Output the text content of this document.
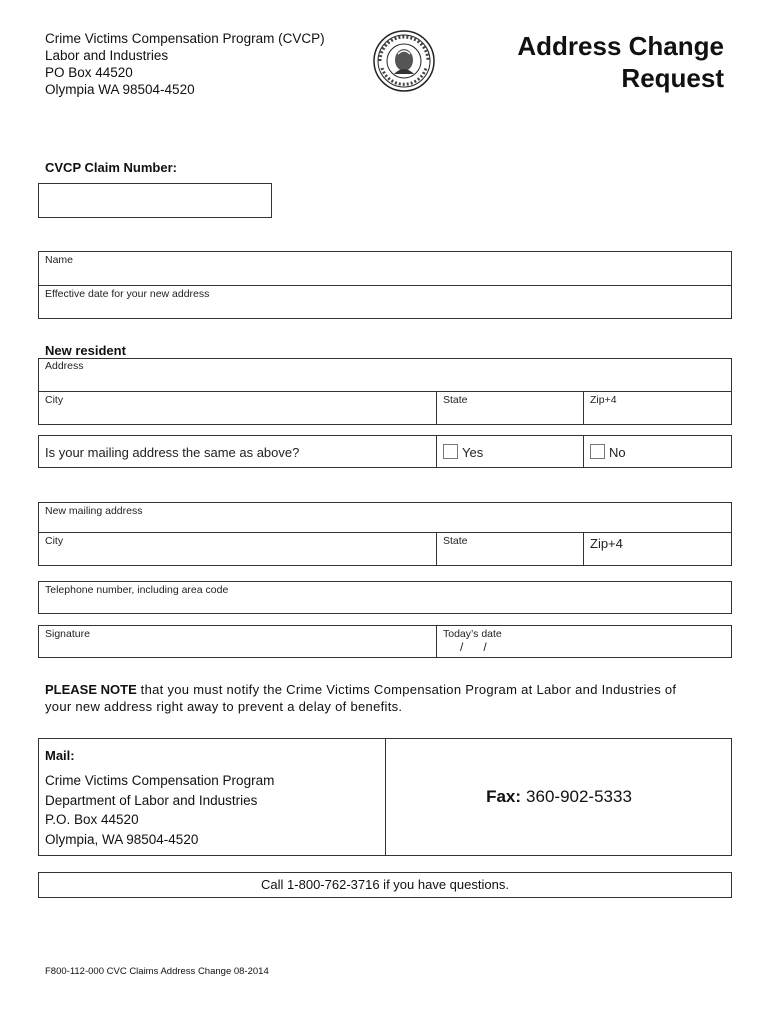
Crime Victims Compensation Program (CVCP)
Labor and Industries
PO Box 44520
Olympia WA 98504-4520
Address Change
Request
CVCP Claim Number:
Name
Effective date for your new address
New resident
Address
City	State	Zip+4
Is your mailing address the same as above?	Yes	No
New mailing address
City	State	Zip+4
Telephone number, including area code
Signature	Today’s date
/      /
PLEASE NOTE that you must notify the Crime Victims Compensation Program at Labor and Industries of your new address right away to prevent a delay of benefits.
Mail:
Crime Victims Compensation Program
Department of Labor and Industries
P.O. Box 44520
Olympia, WA 98504-4520
Fax: 360-902-5333
Call 1-800-762-3716 if you have questions.
F800-112-000 CVC Claims Address Change 08-2014
